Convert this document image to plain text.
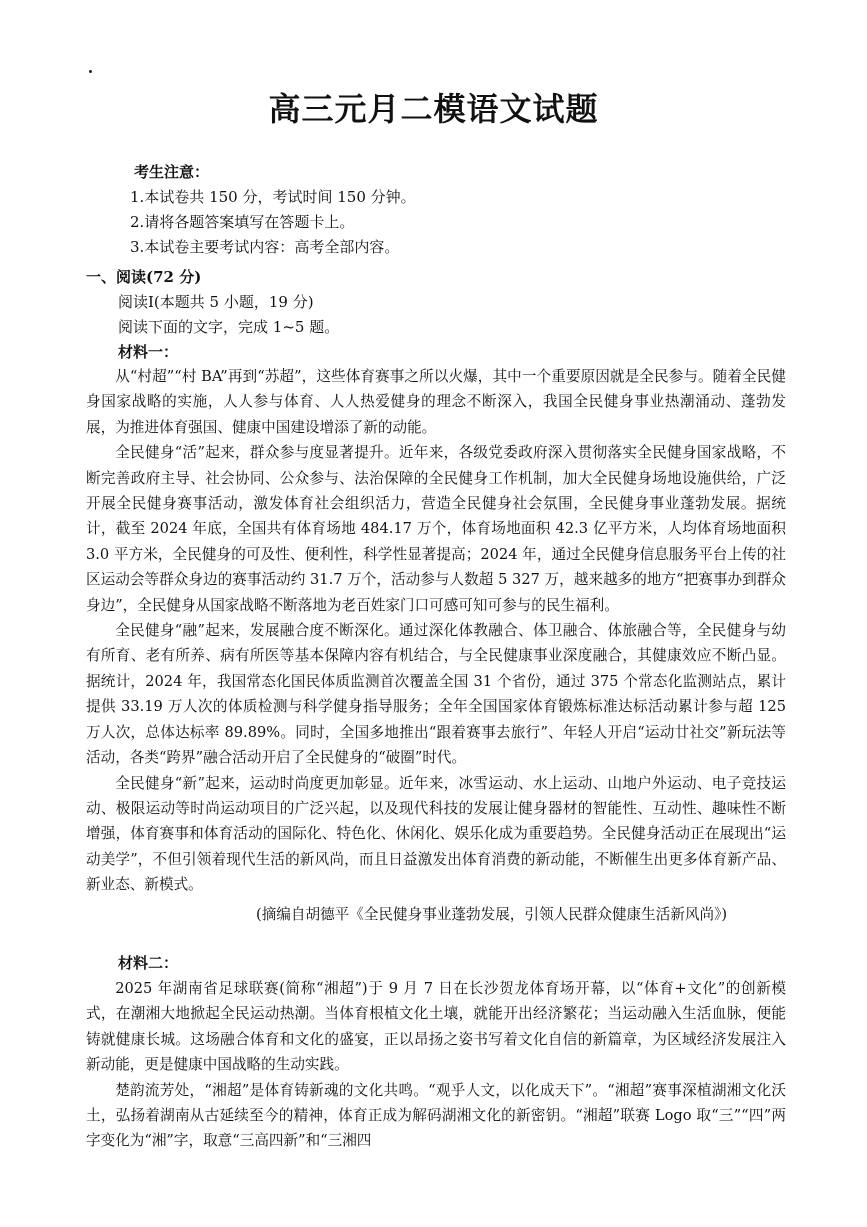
高三元月二模语文试题
考生注意：
1.本试卷共 150 分，考试时间 150 分钟。
2.请将各题答案填写在答题卡上。
3.本试卷主要考试内容：高考全部内容。
一、阅读(72 分)
阅读Ⅰ(本题共 5 小题，19 分)
阅读下面的文字，完成 1~5 题。
材料一：

从“村超”“村 BA”再到“苏超”，这些体育赛事之所以火爆，其中一个重要原因就是全民参与。随着全民健身国家战略的实施，人人参与体育、人人热爱健身的理念不断深入，我国全民健身事业热潮涌动、蓬勃发展，为推进体育强国、健康中国建设增添了新的动能。

全民健身“活”起来，群众参与度显著提升。近年来，各级党委政府深入贯彻落实全民健身国家战略，不断完善政府主导、社会协同、公众参与、法治保障的全民健身工作机制，加大全民健身场地设施供给，广泛开展全民健身赛事活动，激发体育社会组织活力，营造全民健身社会氛围，全民健身事业蓬勃发展。据统计，截至 2024 年底，全国共有体育场地 484.17 万个，体育场地面积 42.3 亿平方米，人均体育场地面积 3.0 平方米，全民健身的可及性、便利性，科学性显著提高；2024 年，通过全民健身信息服务平台上传的社区运动会等群众身边的赛事活动约 31.7 万个，活动参与人数超 5 327 万，越来越多的地方“把赛事办到群众身边”，全民健身从国家战略不断落地为老百姓家门口可感可知可参与的民生福利。

全民健身“融”起来，发展融合度不断深化。通过深化体教融合、体卫融合、体旅融合等，全民健身与幼有所育、老有所养、病有所医等基本保障内容有机结合，与全民健康事业深度融合，其健康效应不断凸显。据统计，2024 年，我国常态化国民体质监测首次覆盖全国 31 个省份，通过 375 个常态化监测站点，累计提供 33.19 万人次的体质检测与科学健身指导服务；全年全国国家体育锻炼标准达标活动累计参与超 125 万人次，总体达标率 89.89%。同时，全国多地推出“跟着赛事去旅行”、年轻人开启“运动廿社交”新玩法等活动，各类“跨界”融合活动开启了全民健身的“破圈”时代。

全民健身“新”起来，运动时尚度更加彰显。近年来，冰雪运动、水上运动、山地户外运动、电子竞技运动、极限运动等时尚运动项目的广泛兴起，以及现代科技的发展让健身器材的智能性、互动性、趣味性不断增强，体育赛事和体育活动的国际化、特色化、休闲化、娱乐化成为重要趋势。全民健身活动正在展现出“运动美学”，不但引领着现代生活的新风尚，而且日益激发出体育消费的新动能，不断催生出更多体育新产品、新业态、新模式。

(摘编自胡德平《全民健身事业蓬勃发展，引领人民群众健康生活新风尚》)
材料二：

2025 年湖南省足球联赛(简称“湘超”)于 9 月 7 日在长沙贺龙体育场开幕，以“体育+文化”的创新模式，在潮湘大地掀起全民运动热潮。当体育根植文化土壤，就能开出经济繁花；当运动融入生活血脉，便能铸就健康长城。这场融合体育和文化的盛宴，正以昂扬之姿书写着文化自信的新篇章，为区域经济发展注入新动能，更是健康中国战略的生动实践。

楚韵流芳处，“湘超”是体育铸新魂的文化共鸣。“观乎人文，以化成天下”。“湘超”赛事深植湖湘文化沃土，弘扬着湖南从古延续至今的精神，体育正成为解码湖湘文化的新密钥。“湘超”联赛 Logo 取“三”“四”两字变化为“湘”字，取意“三高四新”和“三湘四
